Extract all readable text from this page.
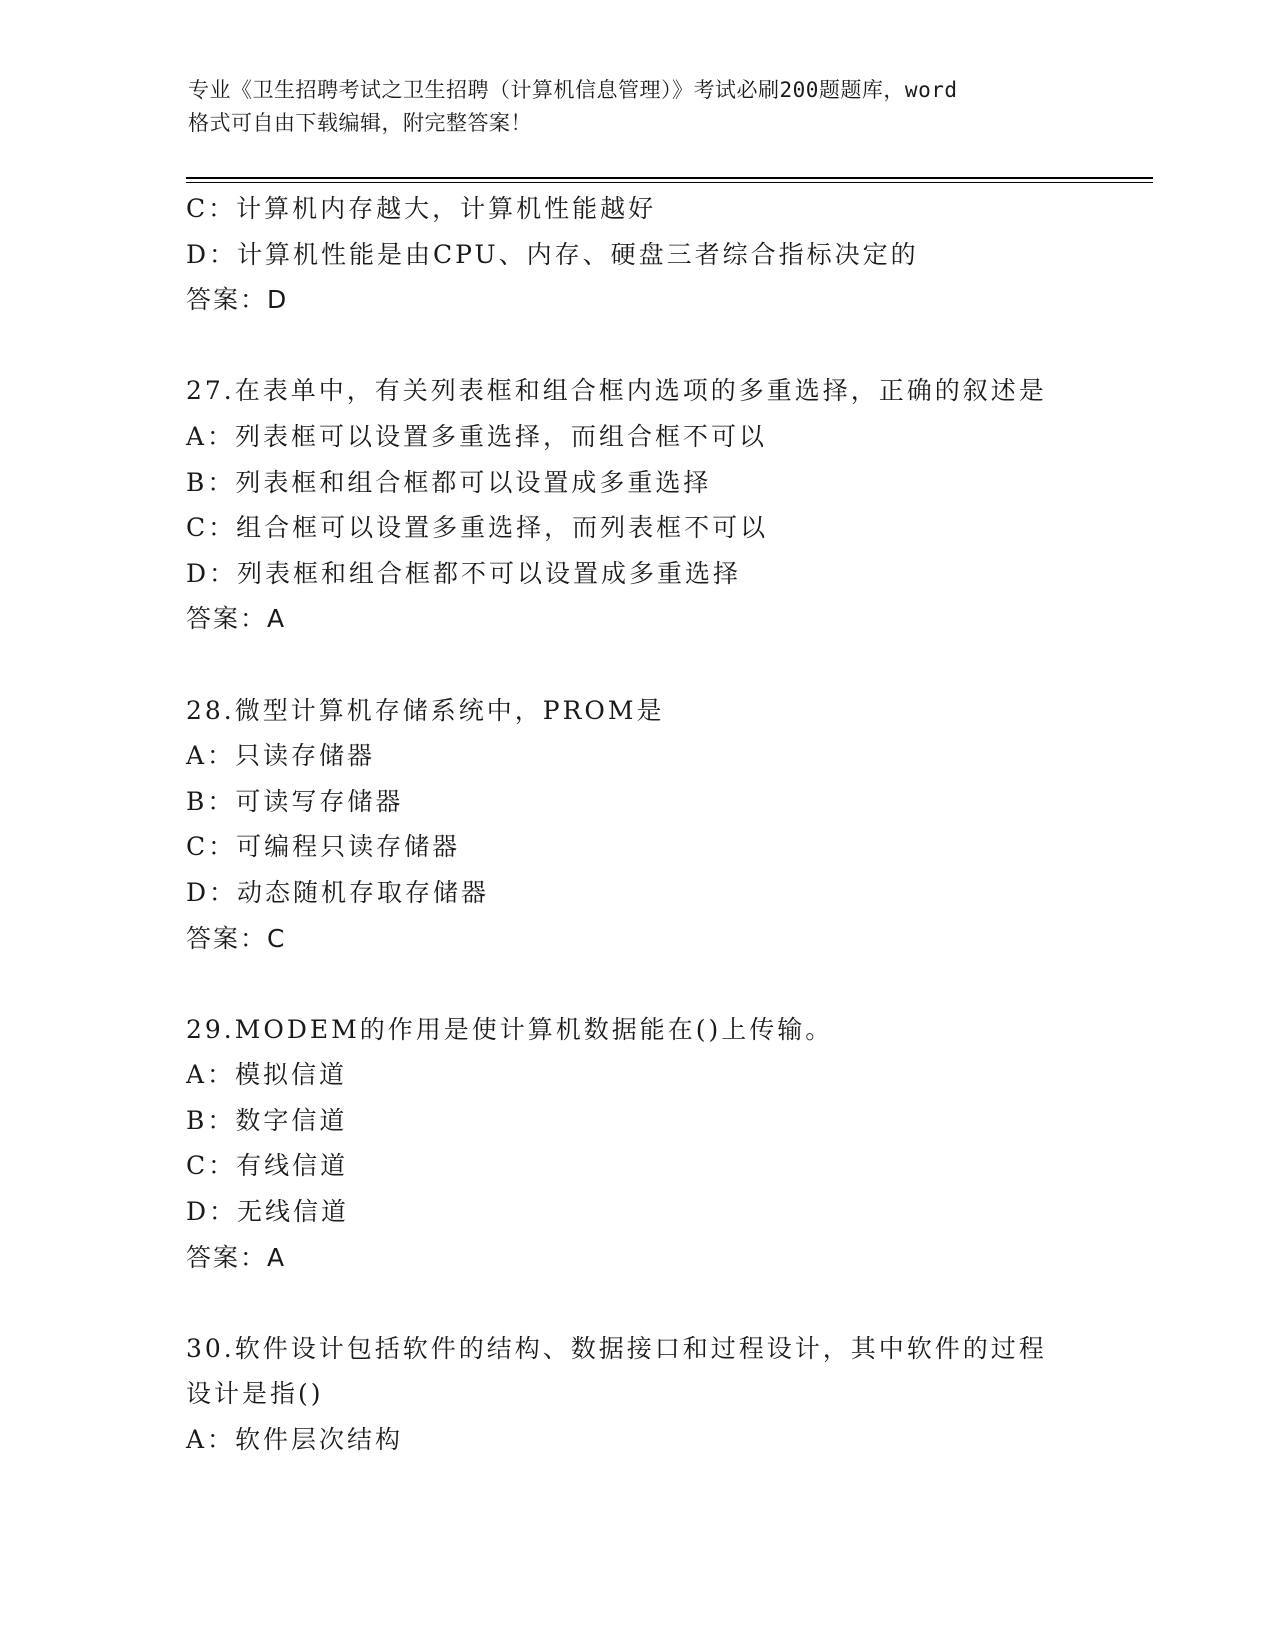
专业《卫生招聘考试之卫生招聘（计算机信息管理）》考试必刷200题题库，word
格式可自由下载编辑，附完整答案！
C：计算机内存越大，计算机性能越好
D：计算机性能是由CPU、内存、硬盘三者综合指标决定的
答案：D
27.在表单中，有关列表框和组合框内选项的多重选择，正确的叙述是
A：列表框可以设置多重选择，而组合框不可以
B：列表框和组合框都可以设置成多重选择
C：组合框可以设置多重选择，而列表框不可以
D：列表框和组合框都不可以设置成多重选择
答案：A
28.微型计算机存储系统中，PROM是
A：只读存储器
B：可读写存储器
C：可编程只读存储器
D：动态随机存取存储器
答案：C
29.MODEM的作用是使计算机数据能在()上传输。
A：模拟信道
B：数字信道
C：有线信道
D：无线信道
答案：A
30.软件设计包括软件的结构、数据接口和过程设计，其中软件的过程
设计是指()
A：软件层次结构
